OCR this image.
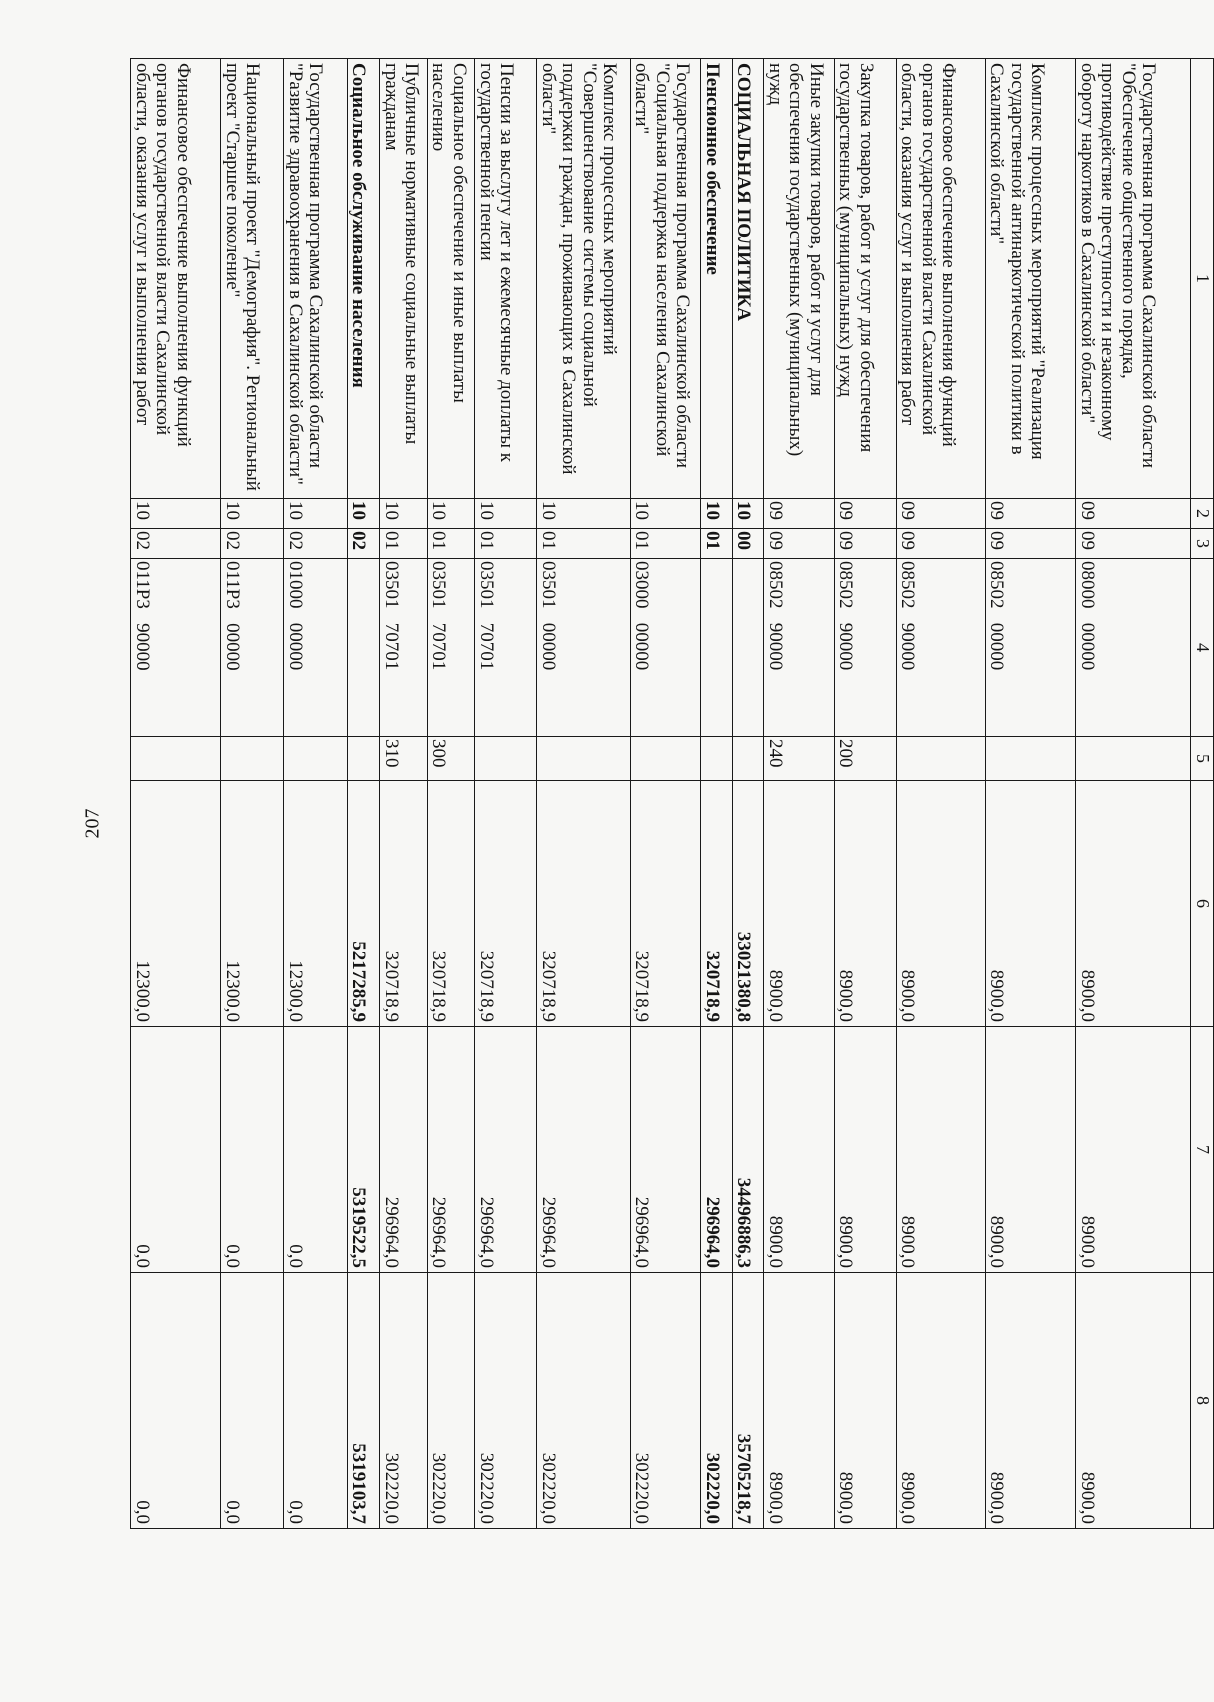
207
1	2	3	4	5	6	7	8
Государственная программа Сахалинской области "Обеспечение общественного порядка, противодействие преступности и незаконному обороту наркотиков в Сахалинской области"	09	09	08000   00000		8900,0	8900,0	8900,0
Комплекс процессных мероприятий "Реализация государственной антинаркотической политики в Сахалинской области"	09	09	08502   00000		8900,0	8900,0	8900,0
Финансовое обеспечение выполнения функций органов государственной власти Сахалинской области, оказания услуг и выполнения работ	09	09	08502   90000		8900,0	8900,0	8900,0
Закупка товаров, работ и услуг для обеспечения государственных (муниципальных) нужд	09	09	08502   90000	200	8900,0	8900,0	8900,0
Иные закупки товаров, работ и услуг для обеспечения государственных (муниципальных) нужд	09	09	08502   90000	240	8900,0	8900,0	8900,0
СОЦИАЛЬНАЯ ПОЛИТИКА	10	00			33021380,8	34496886,3	35705218,7
Пенсионное обеспечение	10	01			320718,9	296964,0	302220,0
Государственная программа Сахалинской области "Социальная поддержка населения Сахалинской области"	10	01	03000   00000		320718,9	296964,0	302220,0
Комплекс процессных мероприятий "Совершенствование системы социальной поддержки граждан, проживающих в Сахалинской области"	10	01	03501   00000		320718,9	296964,0	302220,0
Пенсии за выслугу лет и ежемесячные доплаты к государственной пенсии	10	01	03501   70701		320718,9	296964,0	302220,0
Социальное обеспечение и иные выплаты населению	10	01	03501   70701	300	320718,9	296964,0	302220,0
Публичные нормативные социальные выплаты гражданам	10	01	03501   70701	310	320718,9	296964,0	302220,0
Социальное обслуживание населения	10	02			5217285,9	5319522,5	5319103,7
Государственная программа Сахалинской области "Развитие здравоохранения в Сахалинской области"	10	02	01000   00000		12300,0	0,0	0,0
Национальный проект "Демография". Региональный проект "Старшее поколение"	10	02	011Р3   00000		12300,0	0,0	0,0
Финансовое обеспечение выполнения функций органов государственной власти Сахалинской области, оказания услуг и выполнения работ	10	02	011Р3   90000		12300,0	0,0	0,0
